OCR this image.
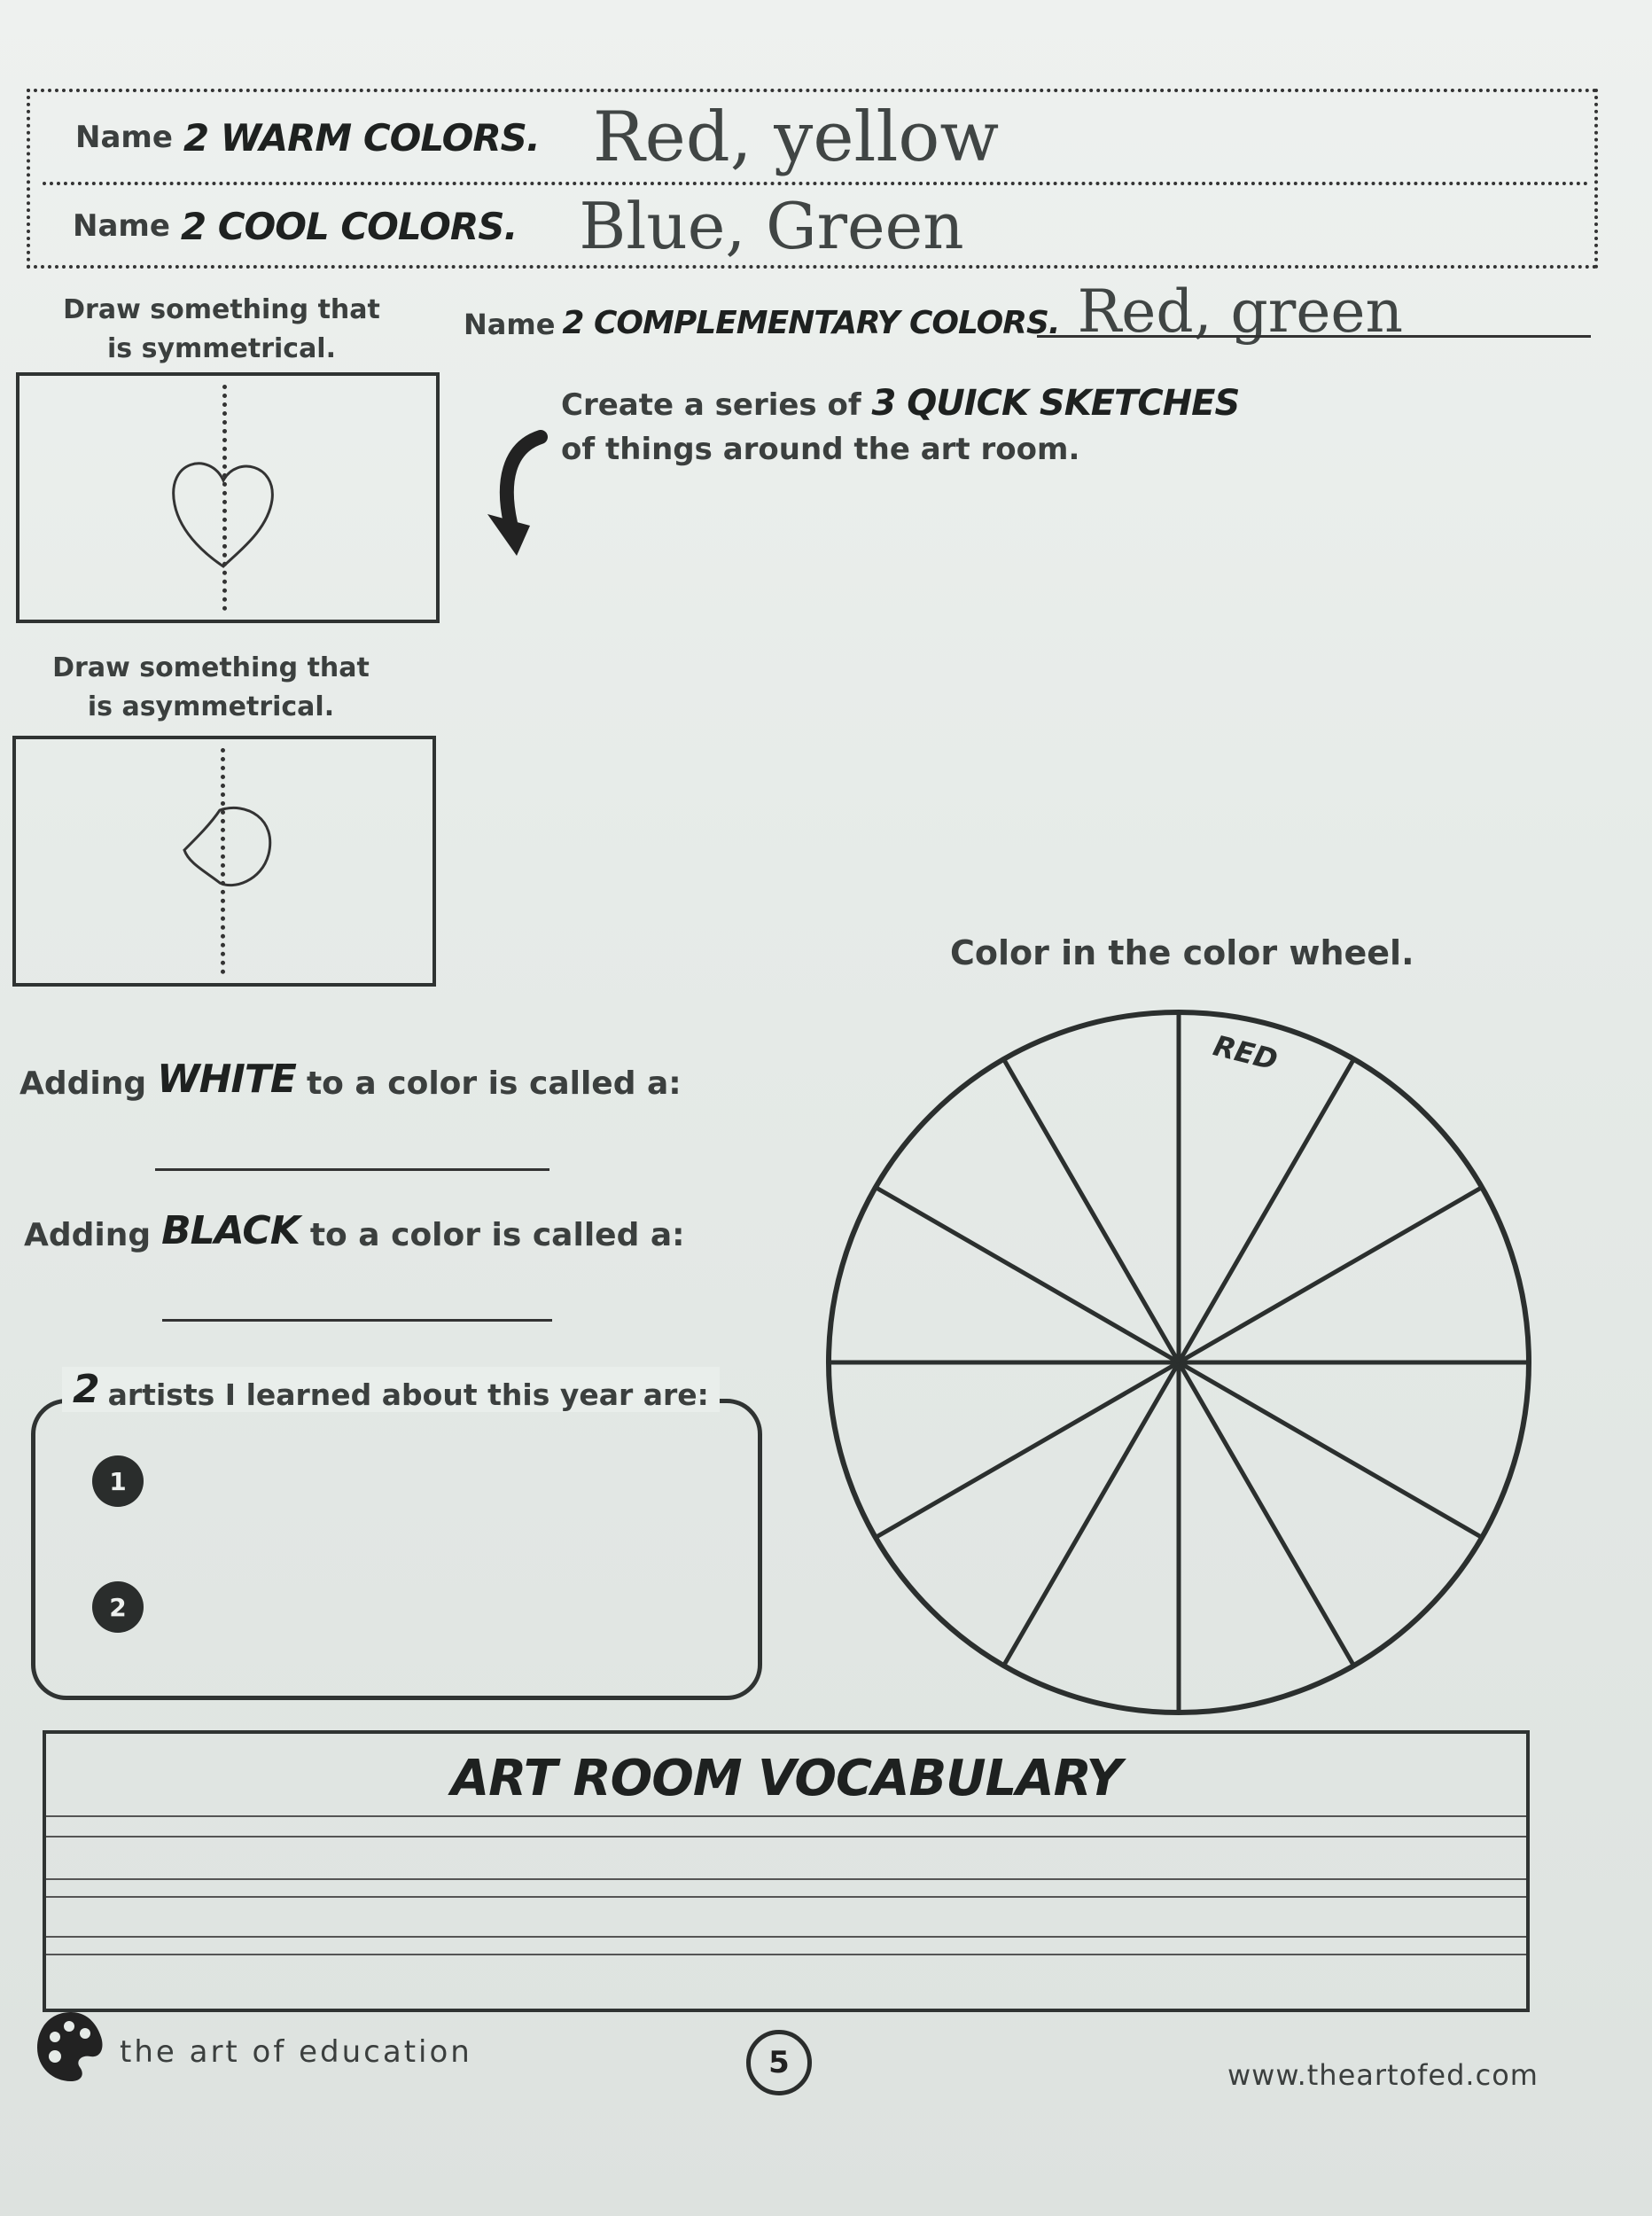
Name 2 WARM COLORS. Red, yellow
Name 2 COOL COLORS. Blue, Green
Draw something that
is symmetrical.
Name 2 COMPLEMENTARY COLORS. Red, green
Create a series of 3 QUICK SKETCHES
of things around the art room.
Draw something that
is asymmetrical.
Adding WHITE to a color is called a:
Adding BLACK to a color is called a:
2 artists I learned about this year are:
1
2
Color in the color wheel.
RED
ART ROOM VOCABULARY
the art of education	5	www.theartofed.com
